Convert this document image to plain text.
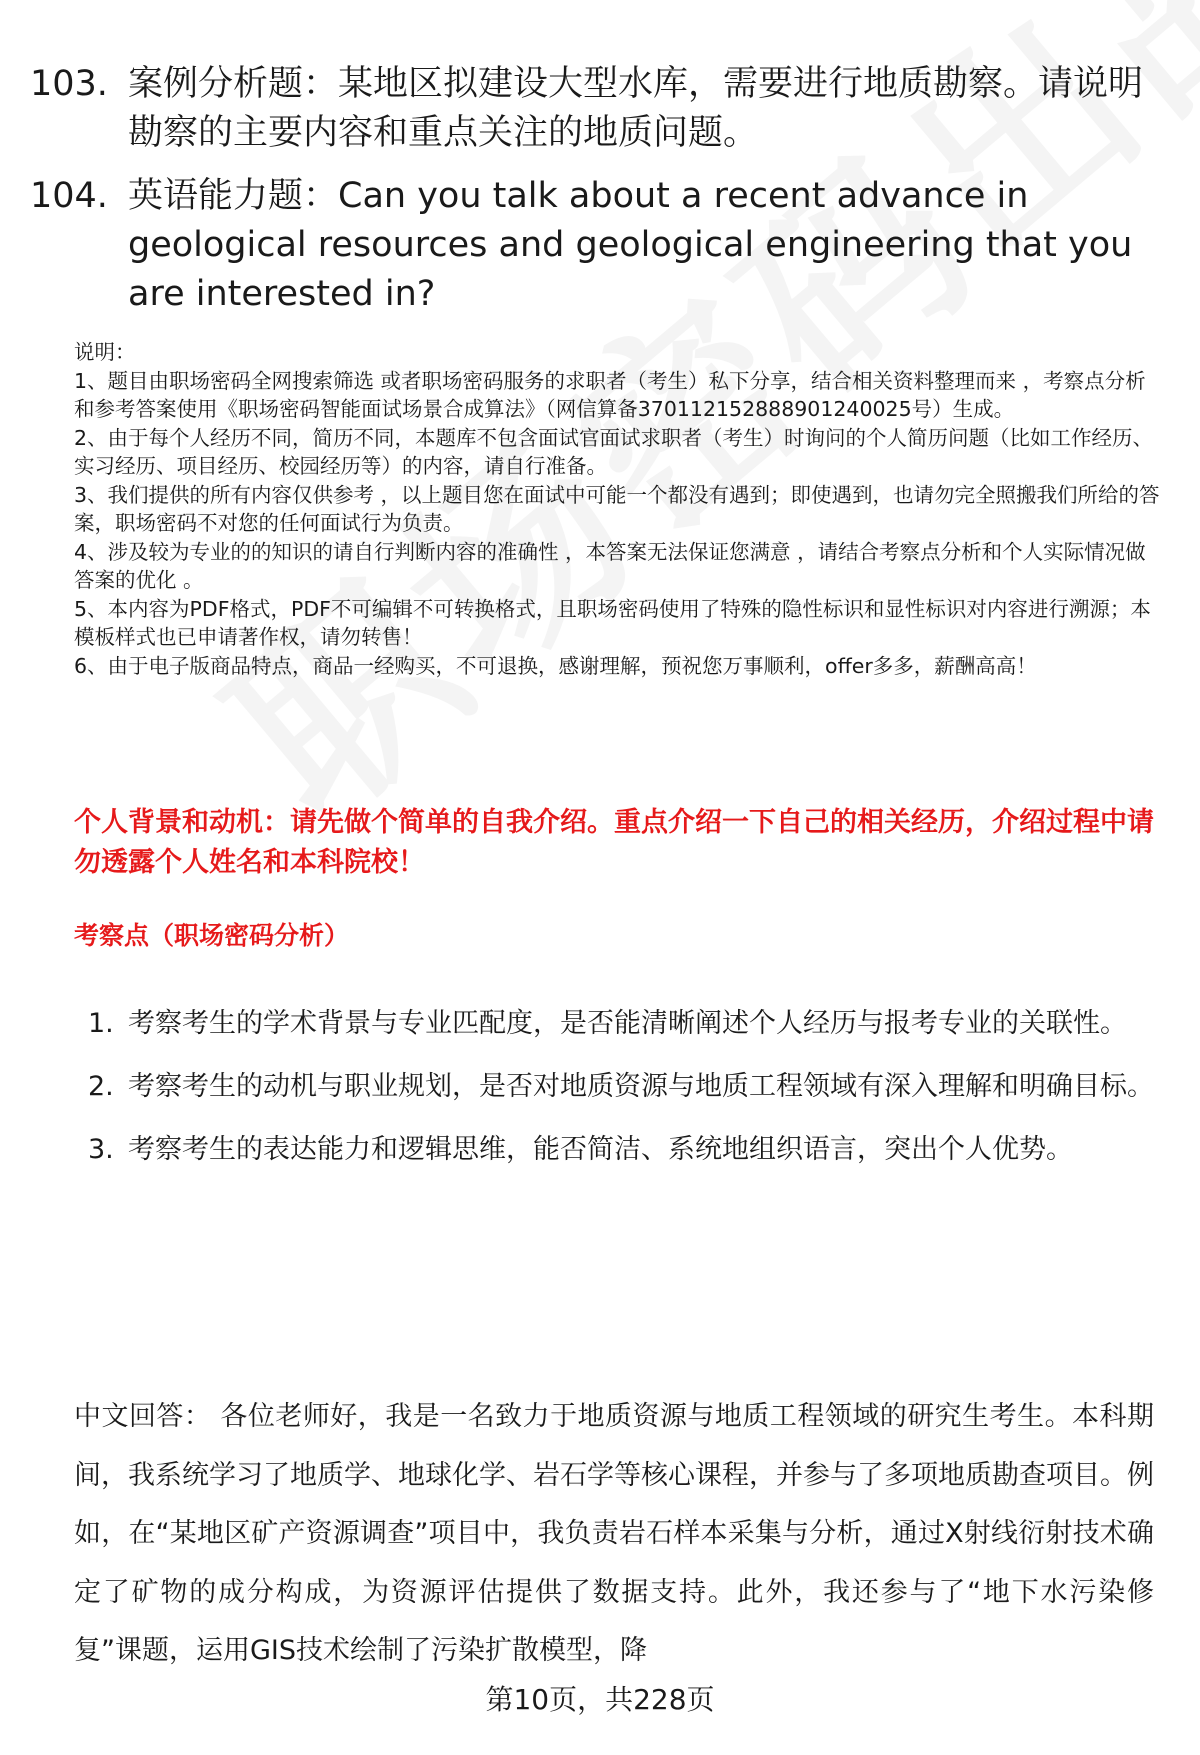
103. 案例分析题：某地区拟建设大型水库，需要进行地质勘察。请说明勘察的主要内容和重点关注的地质问题。
104. 英语能力题：Can you talk about a recent advance in geological resources and geological engineering that you are interested in?

说明：

1、题目由职场密码全网搜索筛选 或者职场密码服务的求职者（考生）私下分享，结合相关资料整理而来 ，考察点分析和参考答案使用《职场密码智能面试场景合成算法》（网信算备370112152888901240025号）生成。

2、由于每个人经历不同，简历不同，本题库不包含面试官面试求职者（考生）时询问的个人简历问题（比如工作经历、实习经历、项目经历、校园经历等）的内容，请自行准备。

3、我们提供的所有内容仅供参考 ，以上题目您在面试中可能一个都没有遇到；即使遇到，也请勿完全照搬我们所给的答案，职场密码不对您的任何面试行为负责。

4、涉及较为专业的的知识的请自行判断内容的准确性 ，本答案无法保证您满意 ，请结合考察点分析和个人实际情况做答案的优化 。

5、本内容为PDF格式，PDF不可编辑不可转换格式，且职场密码使用了特殊的隐性标识和显性标识对内容进行溯源；本模板样式也已申请著作权，请勿转售！

6、由于电子版商品特点，商品一经购买，不可退换，感谢理解，预祝您万事顺利，offer多多，薪酬高高！

个人背景和动机：请先做个简单的自我介绍。重点介绍一下自己的相关经历，介绍过程中请勿透露个人姓名和本科院校！
考察点（职场密码分析）
1. 考察考生的学术背景与专业匹配度，是否能清晰阐述个人经历与报考专业的关联性。
2. 考察考生的动机与职业规划，是否对地质资源与地质工程领域有深入理解和明确目标。
3. 考察考生的表达能力和逻辑思维，能否简洁、系统地组织语言，突出个人优势。
中文回答： 各位老师好，我是一名致力于地质资源与地质工程领域的研究生考生。本科期间，我系统学习了地质学、地球化学、岩石学等核心课程，并参与了多项地质勘查项目。例如，在“某地区矿产资源调查”项目中，我负责岩石样本采集与分析，通过X射线衍射技术确定了矿物的成分构成，为资源评估提供了数据支持。此外，我还参与了“地下水污染修复”课题，运用GIS技术绘制了污染扩散模型，降
第10页，共228页
